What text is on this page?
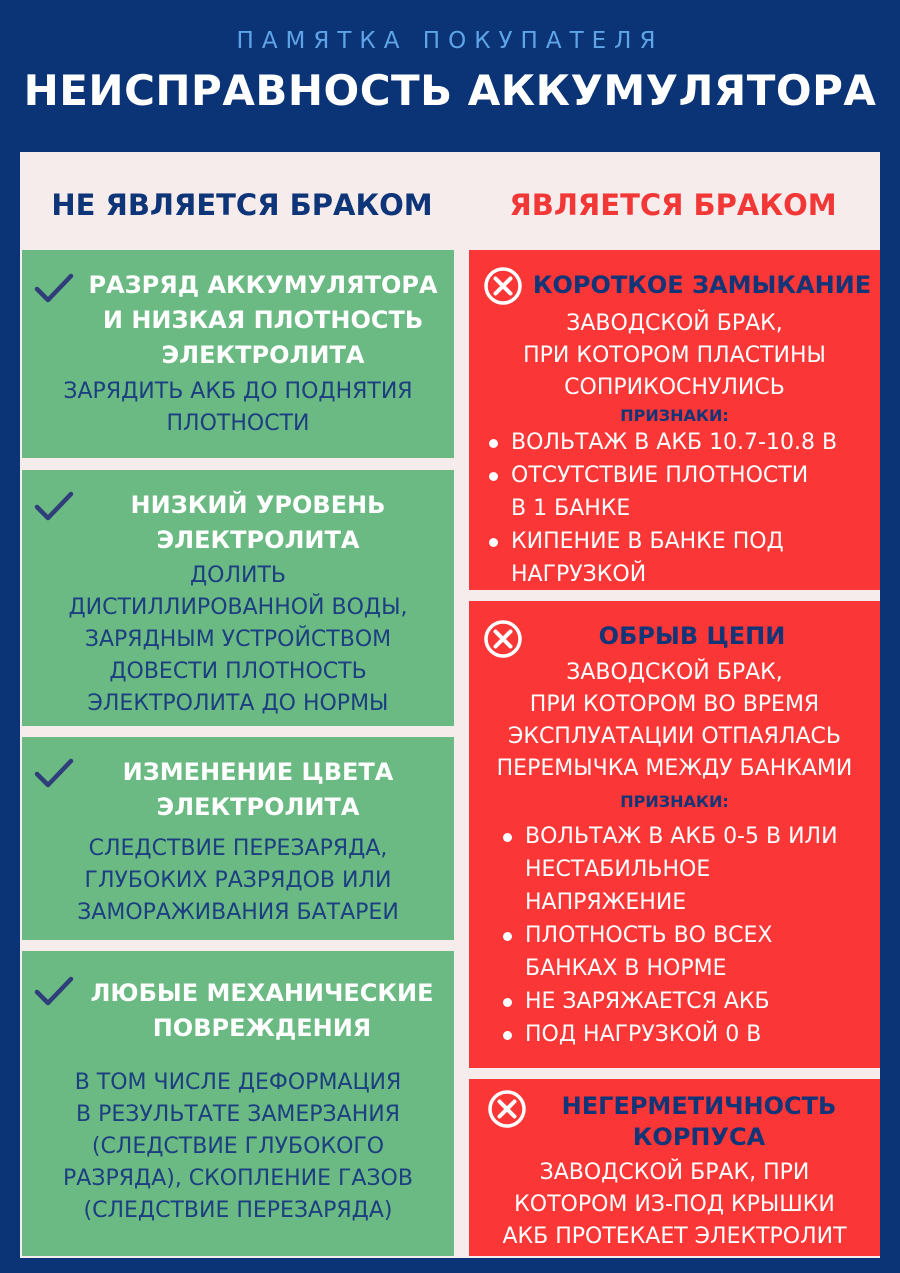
ПАМЯТКА ПОКУПАТЕЛЯ
НЕИСПРАВНОСТЬ АККУМУЛЯТОРА
НЕ ЯВЛЯЕТСЯ БРАКОМ	ЯВЛЯЕТСЯ БРАКОМ
РАЗРЯД АККУМУЛЯТОРА
И НИЗКАЯ ПЛОТНОСТЬ
ЭЛЕКТРОЛИТА
ЗАРЯДИТЬ АКБ ДО ПОДНЯТИЯ
ПЛОТНОСТИ
НИЗКИЙ УРОВЕНЬ
ЭЛЕКТРОЛИТА
ДОЛИТЬ
ДИСТИЛЛИРОВАННОЙ ВОДЫ,
ЗАРЯДНЫМ УСТРОЙСТВОМ
ДОВЕСТИ ПЛОТНОСТЬ
ЭЛЕКТРОЛИТА ДО НОРМЫ
ИЗМЕНЕНИЕ ЦВЕТА
ЭЛЕКТРОЛИТА
СЛЕДСТВИЕ ПЕРЕЗАРЯДА,
ГЛУБОКИХ РАЗРЯДОВ ИЛИ
ЗАМОРАЖИВАНИЯ БАТАРЕИ
ЛЮБЫЕ МЕХАНИЧЕСКИЕ
ПОВРЕЖДЕНИЯ
В ТОМ ЧИСЛЕ ДЕФОРМАЦИЯ
В РЕЗУЛЬТАТЕ ЗАМЕРЗАНИЯ
(СЛЕДСТВИЕ ГЛУБОКОГО
РАЗРЯДА), СКОПЛЕНИЕ ГАЗОВ
(СЛЕДСТВИЕ ПЕРЕЗАРЯДА)
КОРОТКОЕ ЗАМЫКАНИЕ
ЗАВОДСКОЙ БРАК,
ПРИ КОТОРОМ ПЛАСТИНЫ
СОПРИКОСНУЛИСЬ
ПРИЗНАКИ:
ВОЛЬТАЖ В АКБ 10.7-10.8 В
ОТСУТСТВИЕ ПЛОТНОСТИ
В 1 БАНКЕ
КИПЕНИЕ В БАНКЕ ПОД
НАГРУЗКОЙ
ОБРЫВ ЦЕПИ
ЗАВОДСКОЙ БРАК,
ПРИ КОТОРОМ ВО ВРЕМЯ
ЭКСПЛУАТАЦИИ ОТПАЯЛАСЬ
ПЕРЕМЫЧКА МЕЖДУ БАНКАМИ
ПРИЗНАКИ:
ВОЛЬТАЖ В АКБ 0-5 В ИЛИ
НЕСТАБИЛЬНОЕ
НАПРЯЖЕНИЕ
ПЛОТНОСТЬ ВО ВСЕХ
БАНКАХ В НОРМЕ
НЕ ЗАРЯЖАЕТСЯ АКБ
ПОД НАГРУЗКОЙ 0 В
НЕГЕРМЕТИЧНОСТЬ
КОРПУСА
ЗАВОДСКОЙ БРАК, ПРИ
КОТОРОМ ИЗ-ПОД КРЫШКИ
АКБ ПРОТЕКАЕТ ЭЛЕКТРОЛИТ
